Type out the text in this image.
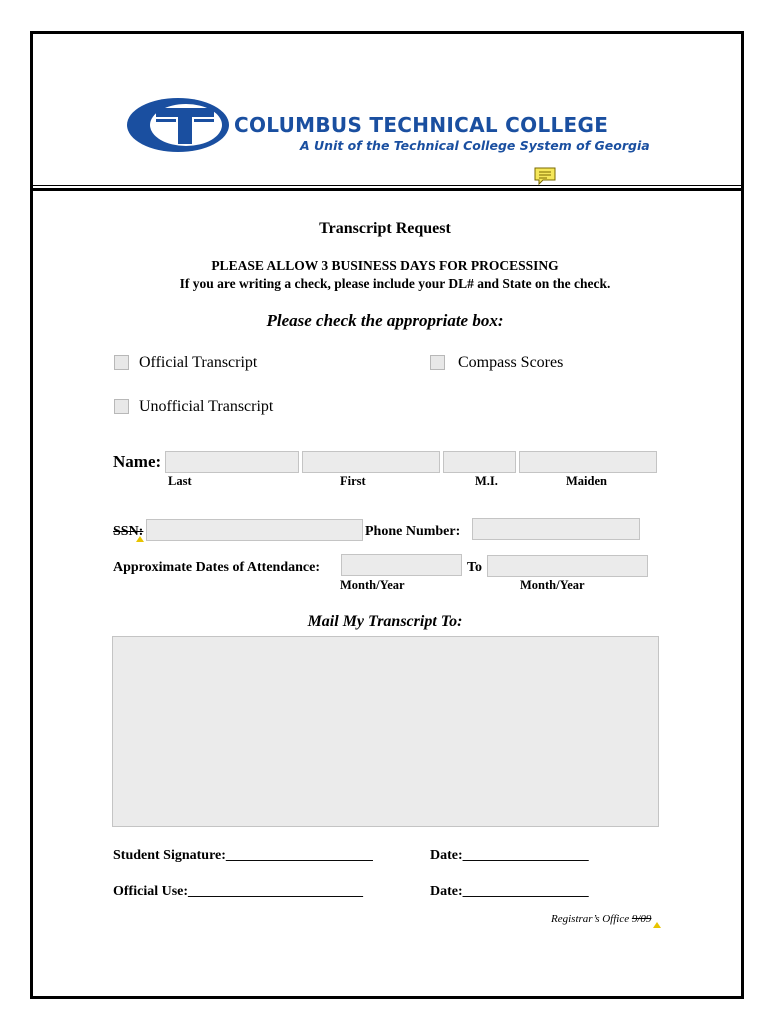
COLUMBUS TECHNICAL COLLEGE
A Unit of the Technical College System of Georgia
Transcript Request
PLEASE ALLOW 3 BUSINESS DAYS FOR PROCESSING
If you are writing a check, please include your DL# and State on the check.
Please check the appropriate box:
Official Transcript	Compass Scores
Unofficial Transcript
Name:
Last	First	M.I.	Maiden
SSN:	Phone Number:
Approximate Dates of Attendance:	To
Month/Year	Month/Year
Mail My Transcript To:
Student Signature:_____________________	Date:__________________
Official Use:_________________________	Date:__________________
Registrar’s Office 9/09
